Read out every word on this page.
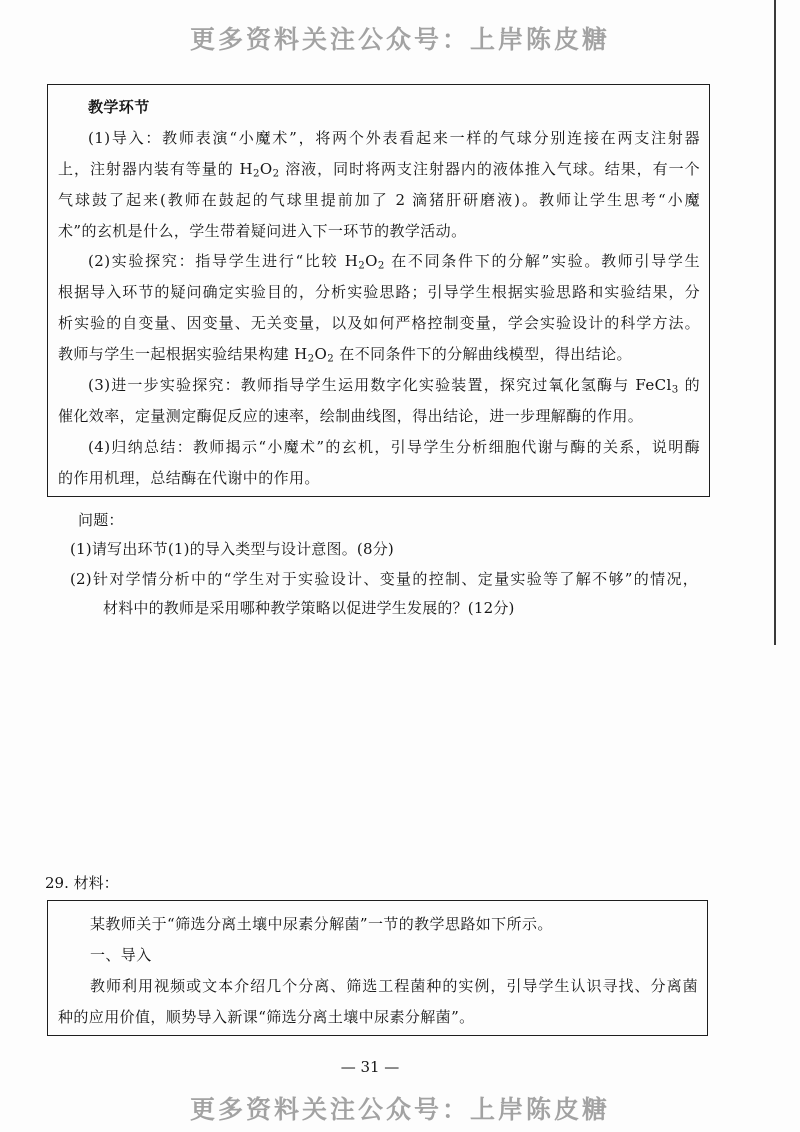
更多资料关注公众号：上岸陈皮糖
教学环节
(1)导入：教师表演“小魔术”，将两个外表看起来一样的气球分别连接在两支注射器
上，注射器内装有等量的 $H_2O_2$ 溶液，同时将两支注射器内的液体推入气球。结果，有一个
气球鼓了起来(教师在鼓起的气球里提前加了 2 滴猪肝研磨液)。教师让学生思考“小魔
术”的玄机是什么，学生带着疑问进入下一环节的教学活动。
(2)实验探究：指导学生进行“比较 $H_2O_2$ 在不同条件下的分解”实验。教师引导学生
根据导入环节的疑问确定实验目的，分析实验思路；引导学生根据实验思路和实验结果，分
析实验的自变量、因变量、无关变量，以及如何严格控制变量，学会实验设计的科学方法。
教师与学生一起根据实验结果构建 $H_2O_2$ 在不同条件下的分解曲线模型，得出结论。
(3)进一步实验探究：教师指导学生运用数字化实验装置，探究过氧化氢酶与 FeCl$_3$ 的
催化效率，定量测定酶促反应的速率，绘制曲线图，得出结论，进一步理解酶的作用。
(4)归纳总结：教师揭示“小魔术”的玄机，引导学生分析细胞代谢与酶的关系，说明酶
的作用机理，总结酶在代谢中的作用。
问题：
(1)请写出环节(1)的导入类型与设计意图。(8分)
(2)针对学情分析中的“学生对于实验设计、变量的控制、定量实验等了解不够”的情况，
材料中的教师是采用哪种教学策略以促进学生发展的？(12分)
29. 材料：
某教师关于“筛选分离土壤中尿素分解菌”一节的教学思路如下所示。
一、导入
教师利用视频或文本介绍几个分离、筛选工程菌种的实例，引导学生认识寻找、分离菌
种的应用价值，顺势导入新课“筛选分离土壤中尿素分解菌”。
— 31 —
更多资料关注公众号：上岸陈皮糖
